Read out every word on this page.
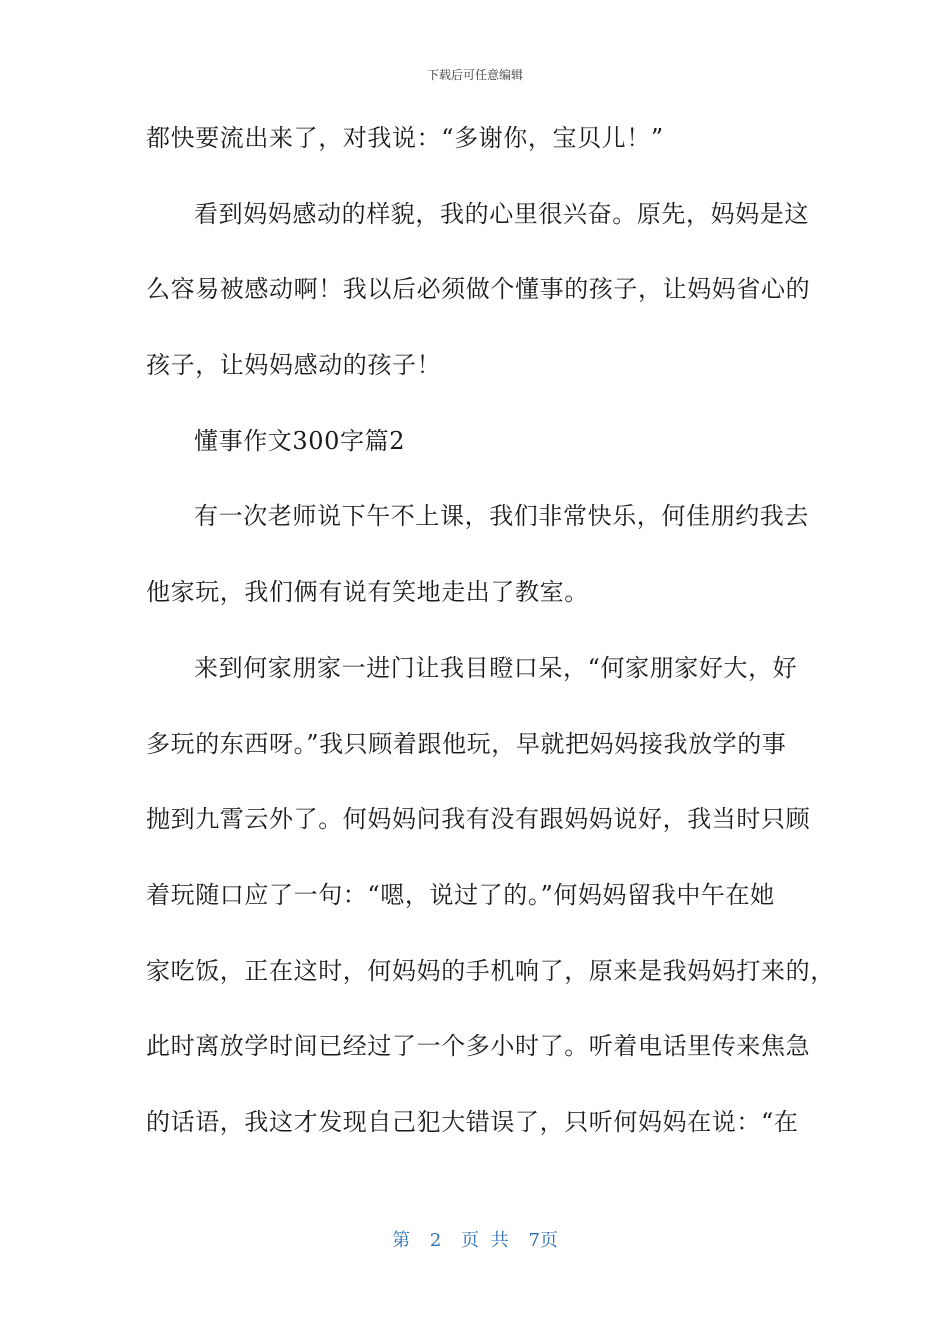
下载后可任意编辑
都快要流出来了，对我说：“多谢你，宝贝儿！”
看到妈妈感动的样貌，我的心里很兴奋。原先，妈妈是这
么容易被感动啊！我以后必须做个懂事的孩子，让妈妈省心的
孩子，让妈妈感动的孩子！
懂事作文300字篇2
有一次老师说下午不上课，我们非常快乐，何佳朋约我去
他家玩，我们俩有说有笑地走出了教室。
来到何家朋家一进门让我目瞪口呆，“何家朋家好大，好
多玩的东西呀。”我只顾着跟他玩，早就把妈妈接我放学的事
抛到九霄云外了。何妈妈问我有没有跟妈妈说好，我当时只顾
着玩随口应了一句：“嗯，说过了的。”何妈妈留我中午在她
家吃饭，正在这时，何妈妈的手机响了，原来是我妈妈打来的，
此时离放学时间已经过了一个多小时了。听着电话里传来焦急
的话语，我这才发现自己犯大错误了，只听何妈妈在说：“在
第 2 页 共 7页
